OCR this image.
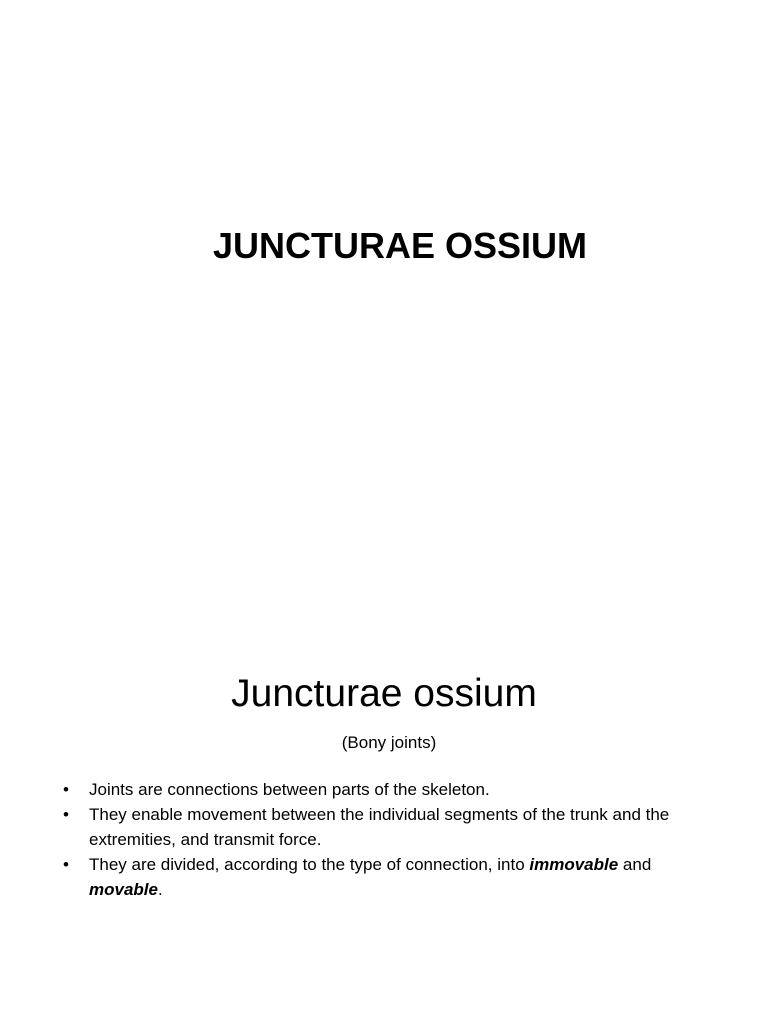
JUNCTURAE OSSIUM
Juncturae ossium

(Bony joints)

•	Joints are connections between parts of the skeleton.
•	They enable movement between the individual segments of the trunk and the extremities, and transmit force.
•	They are divided, according to the type of connection, into immovable and movable.
